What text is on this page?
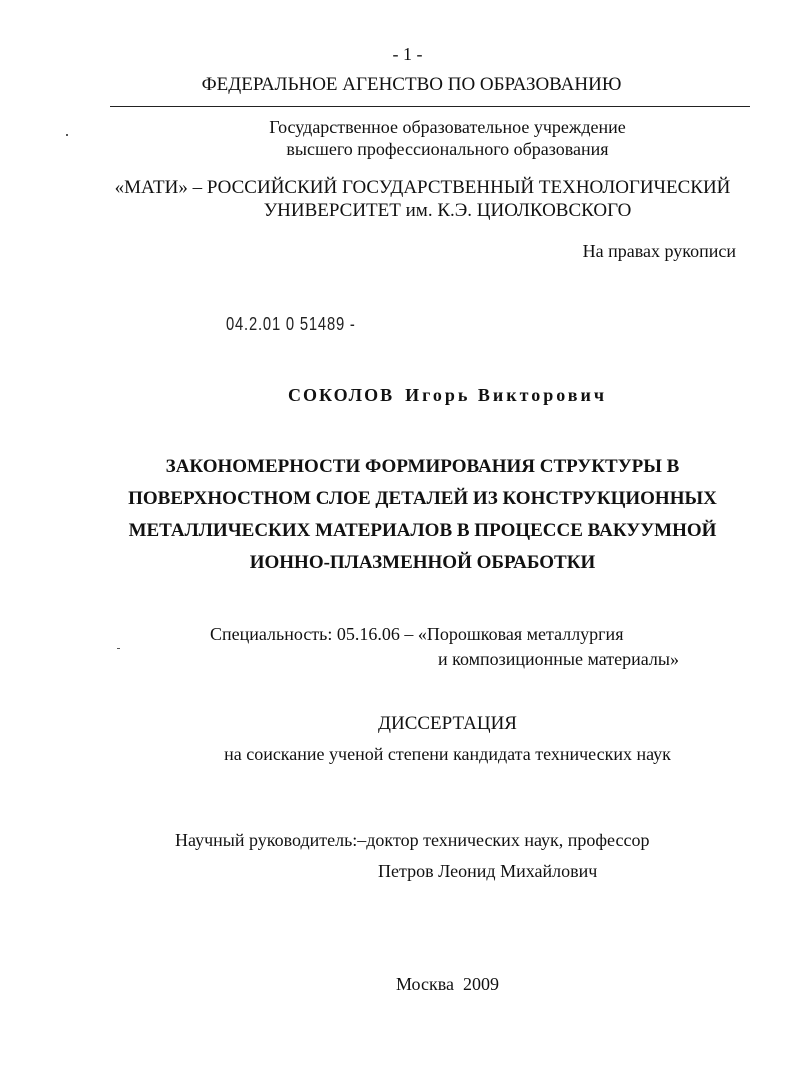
- 1 -
ФЕДЕРАЛЬНОЕ АГЕНСТВО ПО ОБРАЗОВАНИЮ
Государственное образовательное учреждение
высшего профессионального образования
«МАТИ» – РОССИЙСКИЙ ГОСУДАРСТВЕННЫЙ ТЕХНОЛОГИЧЕСКИЙ
УНИВЕРСИТЕТ им. К.Э. ЦИОЛКОВСКОГО
На правах рукописи
04.2.01 0 51489 -
СОКОЛОВ Игорь Викторович
ЗАКОНОМЕРНОСТИ ФОРМИРОВАНИЯ СТРУКТУРЫ В
ПОВЕРХНОСТНОМ СЛОЕ ДЕТАЛЕЙ ИЗ КОНСТРУКЦИОННЫХ
МЕТАЛЛИЧЕСКИХ МАТЕРИАЛОВ В ПРОЦЕССЕ ВАКУУМНОЙ
ИОННО-ПЛАЗМЕННОЙ ОБРАБОТКИ
Специальность: 05.16.06 – «Порошковая металлургия
и композиционные материалы»
ДИССЕРТАЦИЯ
на соискание ученой степени кандидата технических наук
Научный руководитель:–доктор технических наук, профессор
Петров Леонид Михайлович
Москва  2009
